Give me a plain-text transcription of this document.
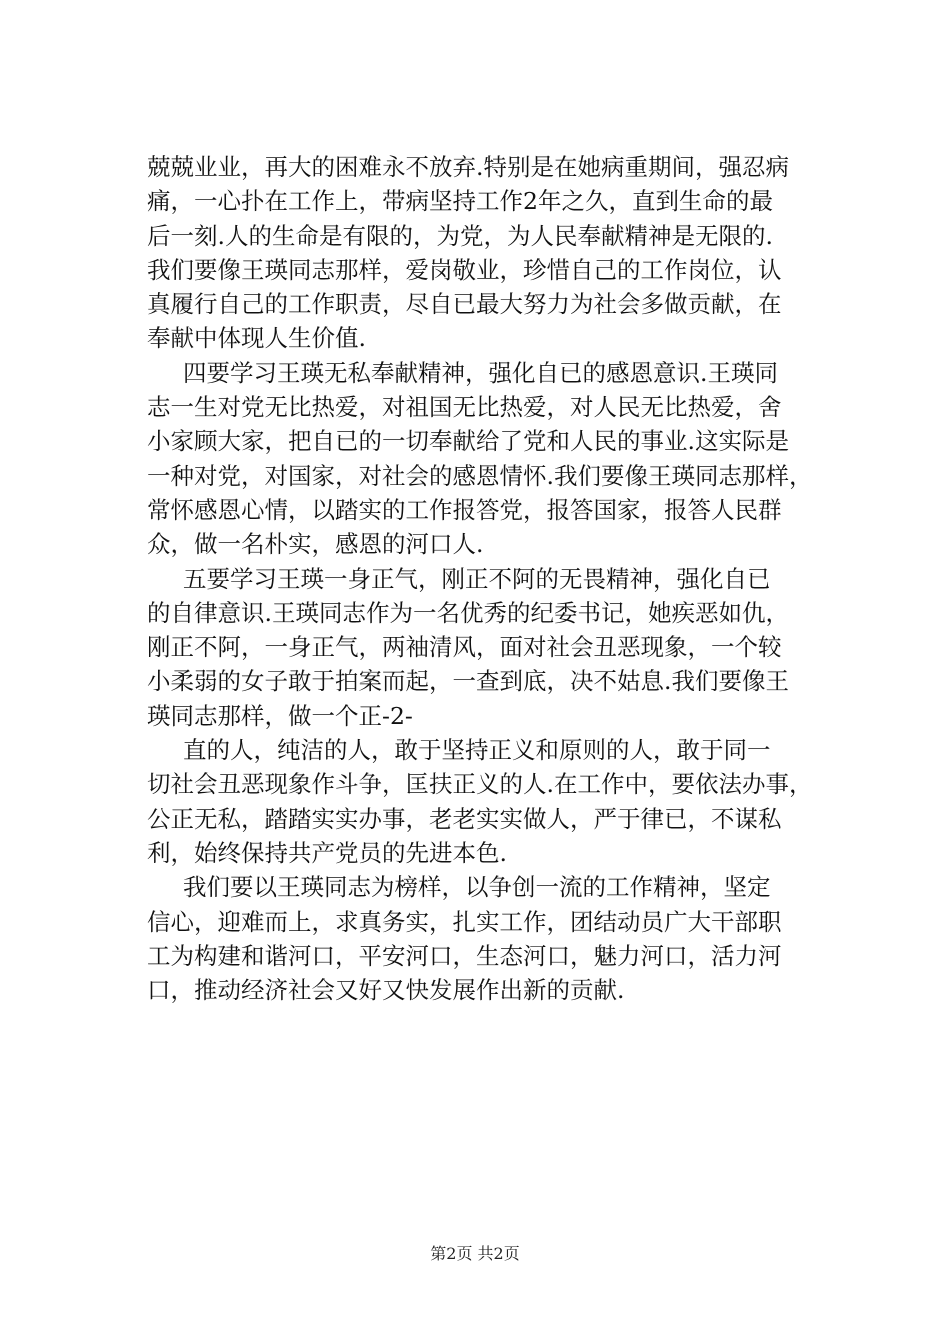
兢兢业业，再大的困难永不放弃.特别是在她病重期间，强忍病
痛，一心扑在工作上，带病坚持工作2年之久，直到生命的最
后一刻.人的生命是有限的，为党，为人民奉献精神是无限的.
我们要像王瑛同志那样，爱岗敬业，珍惜自己的工作岗位，认
真履行自己的工作职责，尽自已最大努力为社会多做贡献，在
奉献中体现人生价值.
四要学习王瑛无私奉献精神，强化自已的感恩意识.王瑛同
志一生对党无比热爱，对祖国无比热爱，对人民无比热爱，舍
小家顾大家，把自已的一切奉献给了党和人民的事业.这实际是
一种对党，对国家，对社会的感恩情怀.我们要像王瑛同志那样，
常怀感恩心情，以踏实的工作报答党，报答国家，报答人民群
众，做一名朴实，感恩的河口人.
五要学习王瑛一身正气，刚正不阿的无畏精神，强化自已
的自律意识.王瑛同志作为一名优秀的纪委书记，她疾恶如仇，
刚正不阿，一身正气，两袖清风，面对社会丑恶现象，一个较
小柔弱的女子敢于拍案而起，一查到底，决不姑息.我们要像王
瑛同志那样，做一个正-2-
直的人，纯洁的人，敢于坚持正义和原则的人，敢于同一
切社会丑恶现象作斗争，匡扶正义的人.在工作中，要依法办事，
公正无私，踏踏实实办事，老老实实做人，严于律已，不谋私
利，始终保持共产党员的先进本色.
我们要以王瑛同志为榜样，以争创一流的工作精神，坚定
信心，迎难而上，求真务实，扎实工作，团结动员广大干部职
工为构建和谐河口，平安河口，生态河口，魅力河口，活力河
口，推动经济社会又好又快发展作出新的贡献.
第2页 共2页
